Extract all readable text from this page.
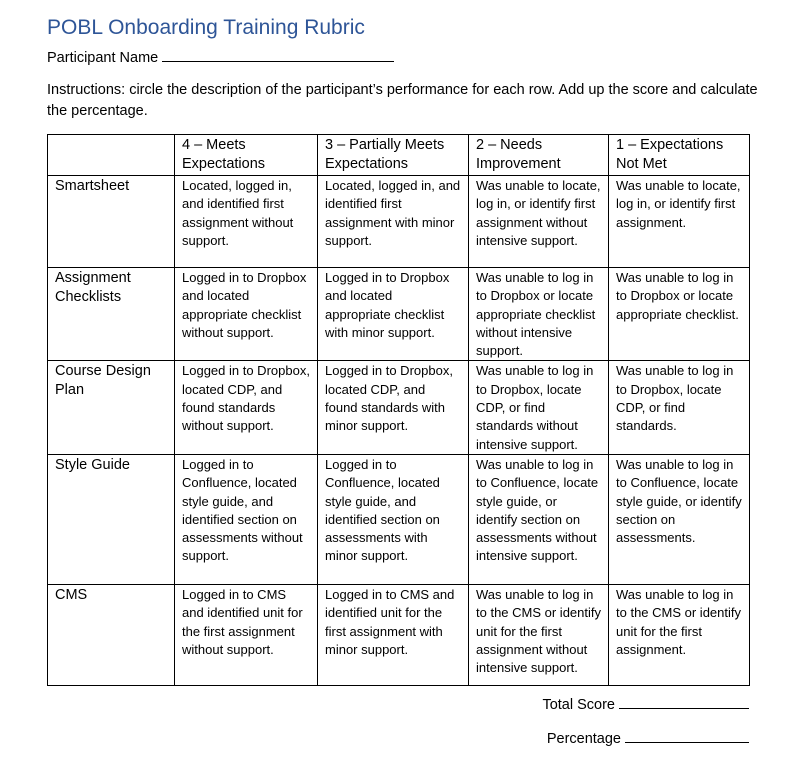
POBL Onboarding Training Rubric
Participant Name
Instructions: circle the description of the participant’s performance for each row. Add up the score and calculate the percentage.
	4 – Meets Expectations	3 – Partially Meets Expectations	2 – Needs Improvement	1 – Expectations Not Met
Smartsheet	Located, logged in, and identified first assignment without support.	Located, logged in, and identified first assignment with minor support.	Was unable to locate, log in, or identify first assignment without intensive support.	Was unable to locate, log in, or identify first assignment.
Assignment Checklists	Logged in to Dropbox and located appropriate checklist without support.	Logged in to Dropbox and located appropriate checklist with minor support.	Was unable to log in to Dropbox or locate appropriate checklist without intensive support.	Was unable to log in to Dropbox or locate appropriate checklist.
Course Design Plan	Logged in to Dropbox, located CDP, and found standards without support.	Logged in to Dropbox, located CDP, and found standards with minor support.	Was unable to log in to Dropbox, locate CDP, or find standards without intensive support.	Was unable to log in to Dropbox, locate CDP, or find standards.
Style Guide	Logged in to Confluence, located style guide, and identified section on assessments without support.	Logged in to Confluence, located style guide, and identified section on assessments with minor support.	Was unable to log in to Confluence, locate style guide, or identify section on assessments without intensive support.	Was unable to log in to Confluence, locate style guide, or identify section on assessments.
CMS	Logged in to CMS and identified unit for the first assignment without support.	Logged in to CMS and identified unit for the first assignment with minor support.	Was unable to log in to the CMS or identify unit for the first assignment without intensive support.	Was unable to log in to the CMS or identify unit for the first assignment.
Total Score
Percentage
